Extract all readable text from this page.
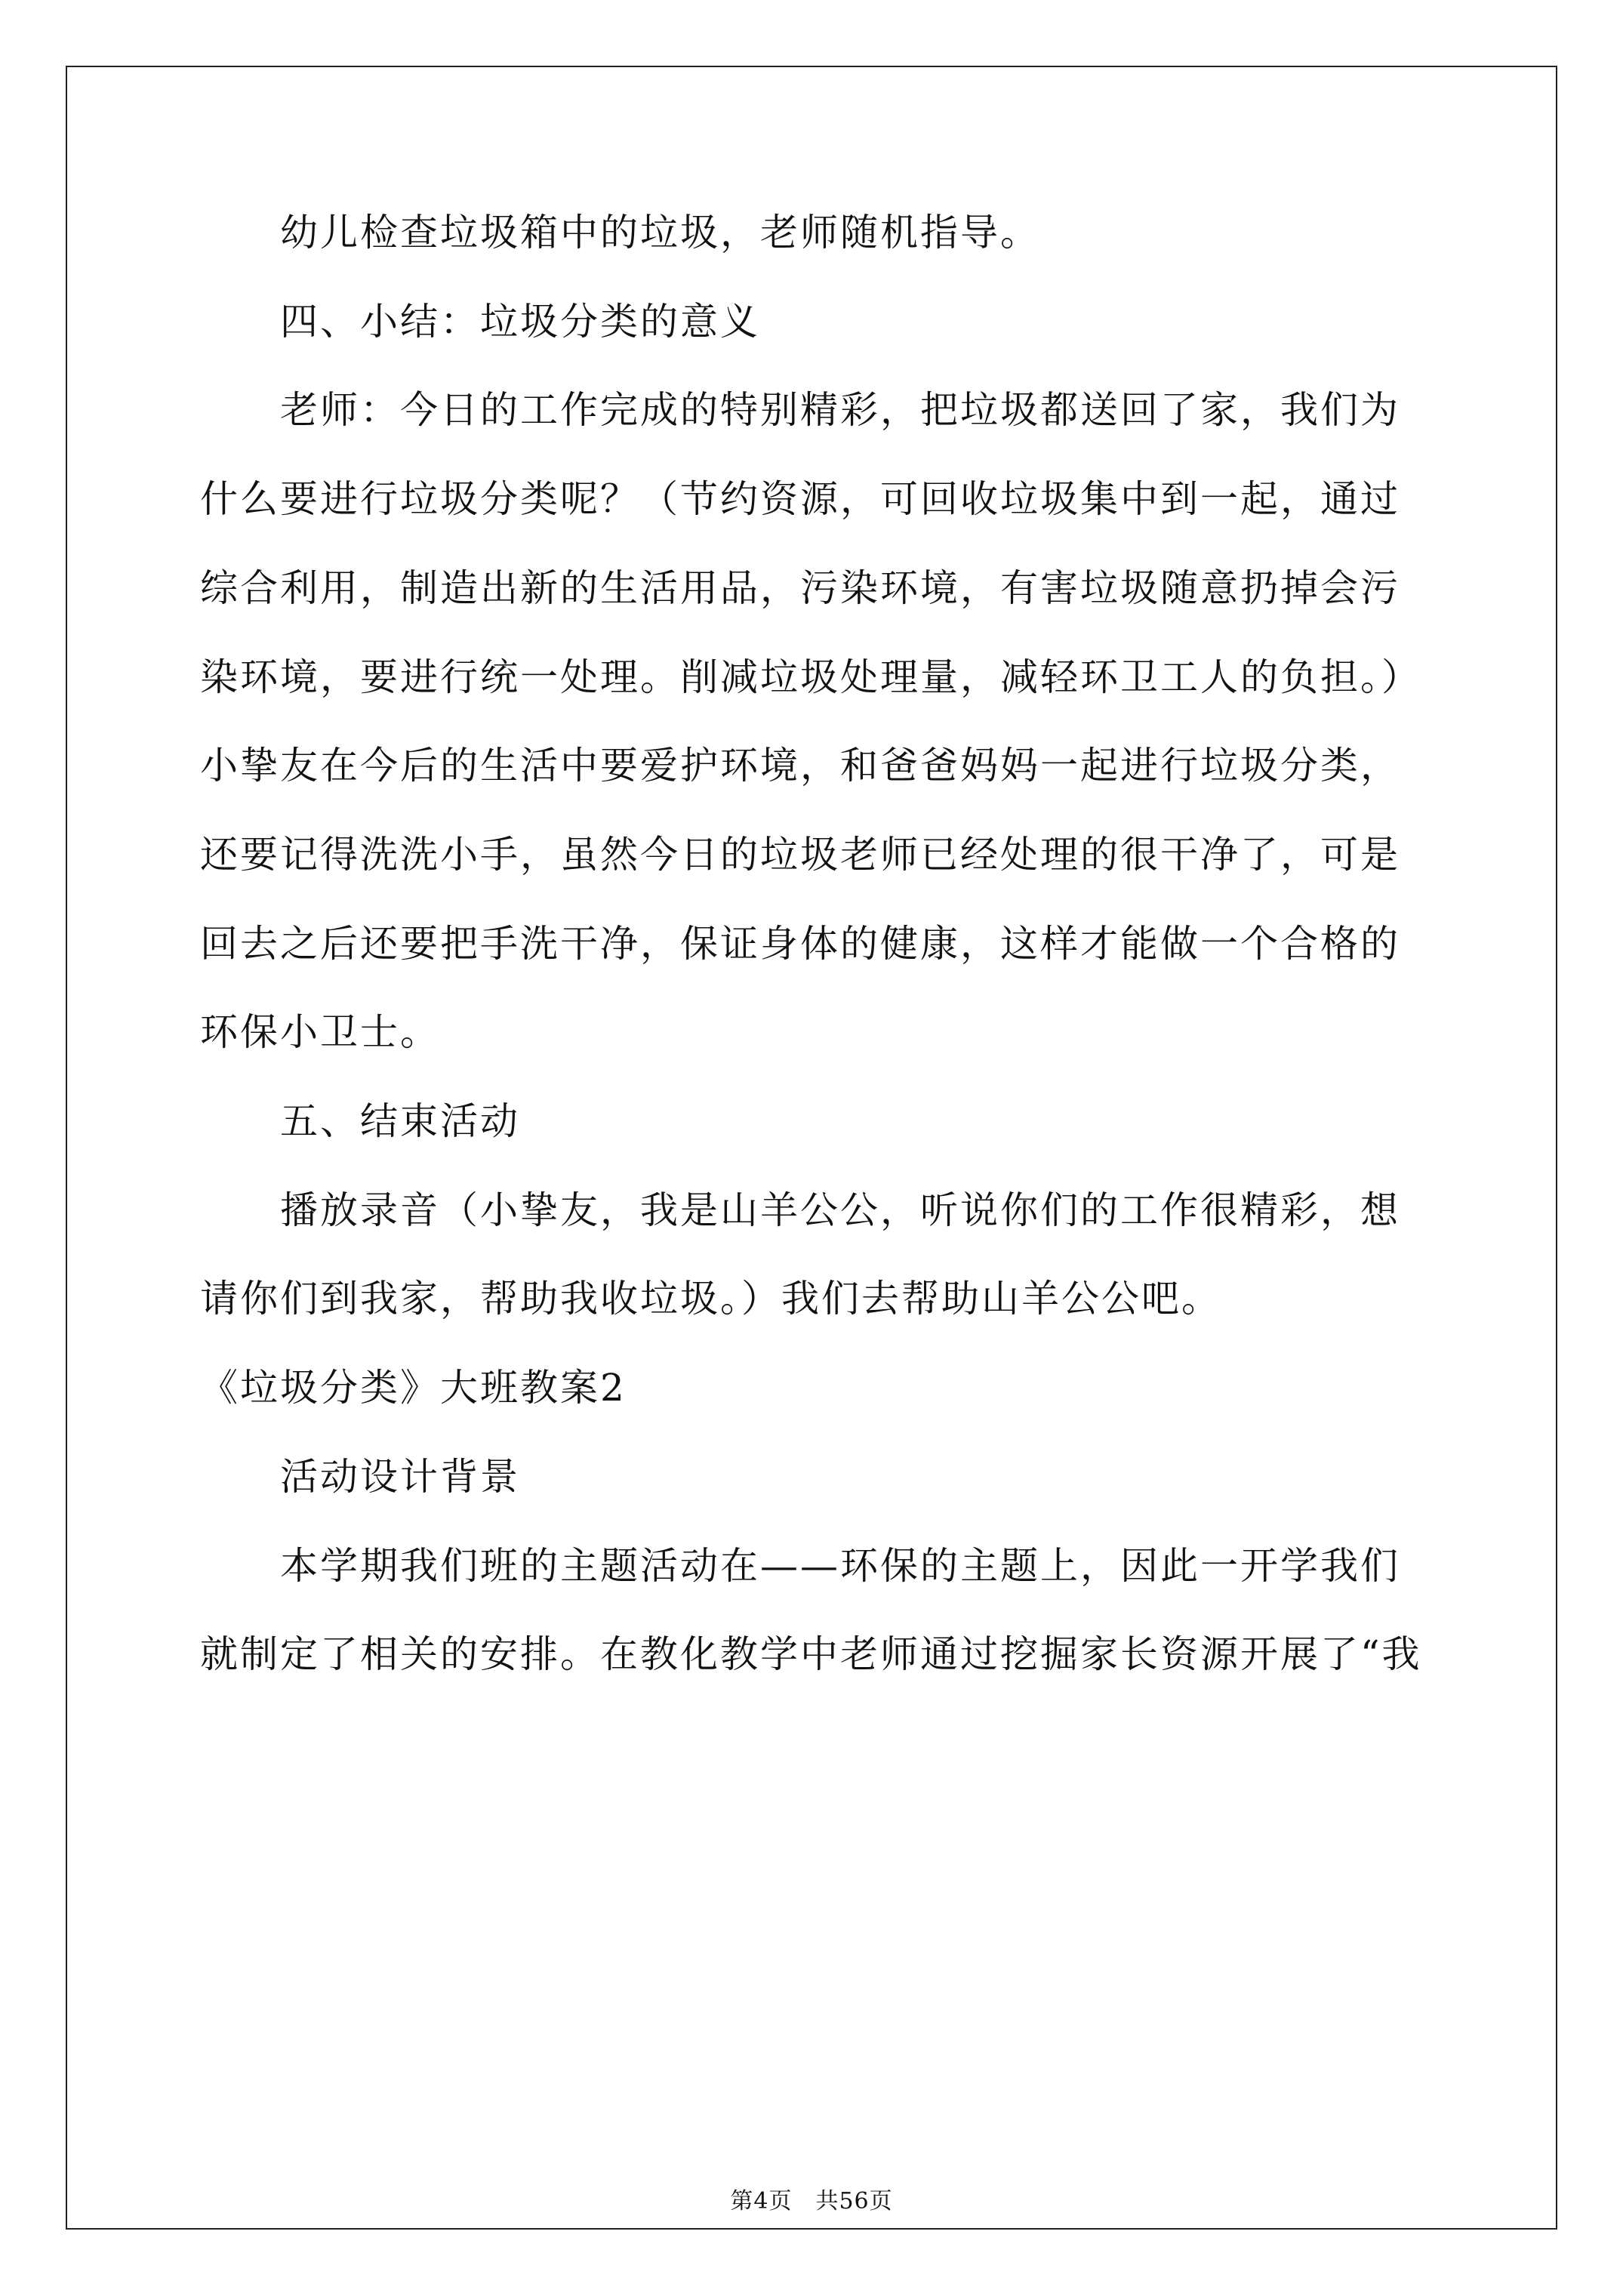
幼儿检查垃圾箱中的垃圾，老师随机指导。
四、小结：垃圾分类的意义
老师：今日的工作完成的特别精彩，把垃圾都送回了家，我们为
什么要进行垃圾分类呢？（节约资源，可回收垃圾集中到一起，通过
综合利用，制造出新的生活用品，污染环境，有害垃圾随意扔掉会污
染环境，要进行统一处理。削减垃圾处理量，减轻环卫工人的负担。）
小挚友在今后的生活中要爱护环境，和爸爸妈妈一起进行垃圾分类，
还要记得洗洗小手，虽然今日的垃圾老师已经处理的很干净了，可是
回去之后还要把手洗干净，保证身体的健康，这样才能做一个合格的
环保小卫士。
五、结束活动
播放录音（小挚友，我是山羊公公，听说你们的工作很精彩，想
请你们到我家，帮助我收垃圾。）我们去帮助山羊公公吧。
《垃圾分类》大班教案2
活动设计背景
本学期我们班的主题活动在——环保的主题上，因此一开学我们
就制定了相关的安排。在教化教学中老师通过挖掘家长资源开展了“我
第4页　共56页
